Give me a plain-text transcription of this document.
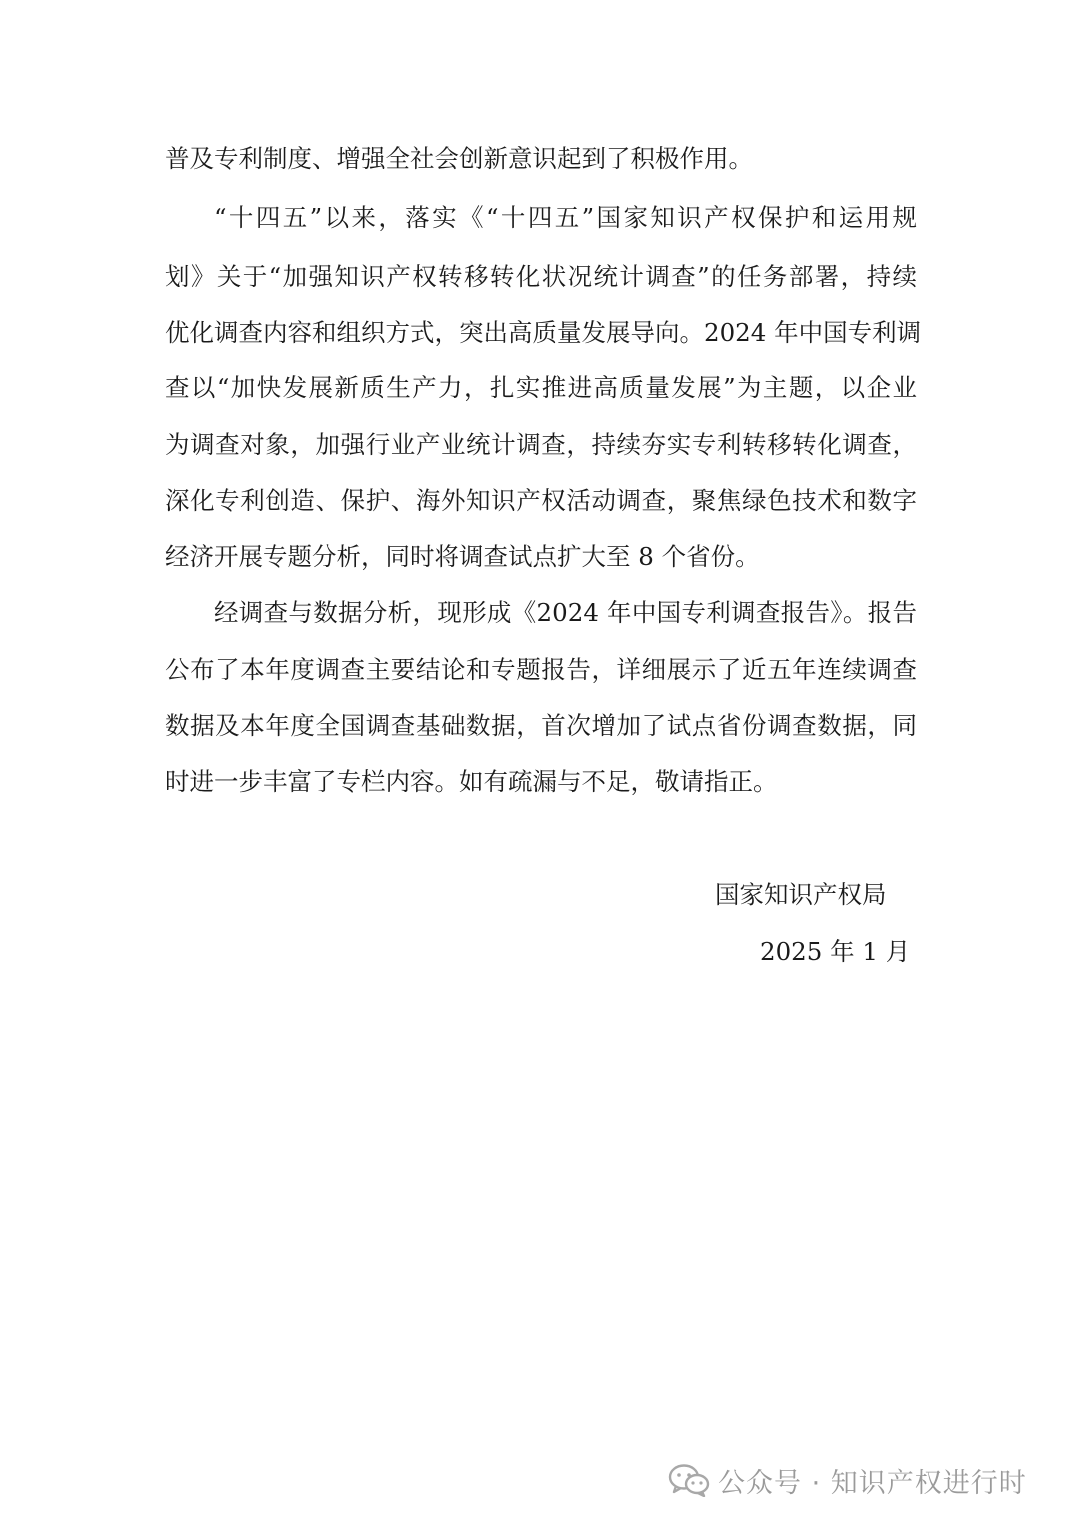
普及专利制度、增强全社会创新意识起到了积极作用。
“十四五”以来，落实《“十四五”国家知识产权保护和运用规
划》关于“加强知识产权转移转化状况统计调查”的任务部署，持续
优化调查内容和组织方式，突出高质量发展导向。2024 年中国专利调
查以“加快发展新质生产力，扎实推进高质量发展”为主题，以企业
为调查对象，加强行业产业统计调查，持续夯实专利转移转化调查，
深化专利创造、保护、海外知识产权活动调查，聚焦绿色技术和数字
经济开展专题分析，同时将调查试点扩大至 8 个省份。
经调查与数据分析，现形成《2024 年中国专利调查报告》。报告
公布了本年度调查主要结论和专题报告，详细展示了近五年连续调查
数据及本年度全国调查基础数据，首次增加了试点省份调查数据，同
时进一步丰富了专栏内容。如有疏漏与不足，敬请指正。
国家知识产权局
2025 年 1 月
公众号 · 知识产权进行时
